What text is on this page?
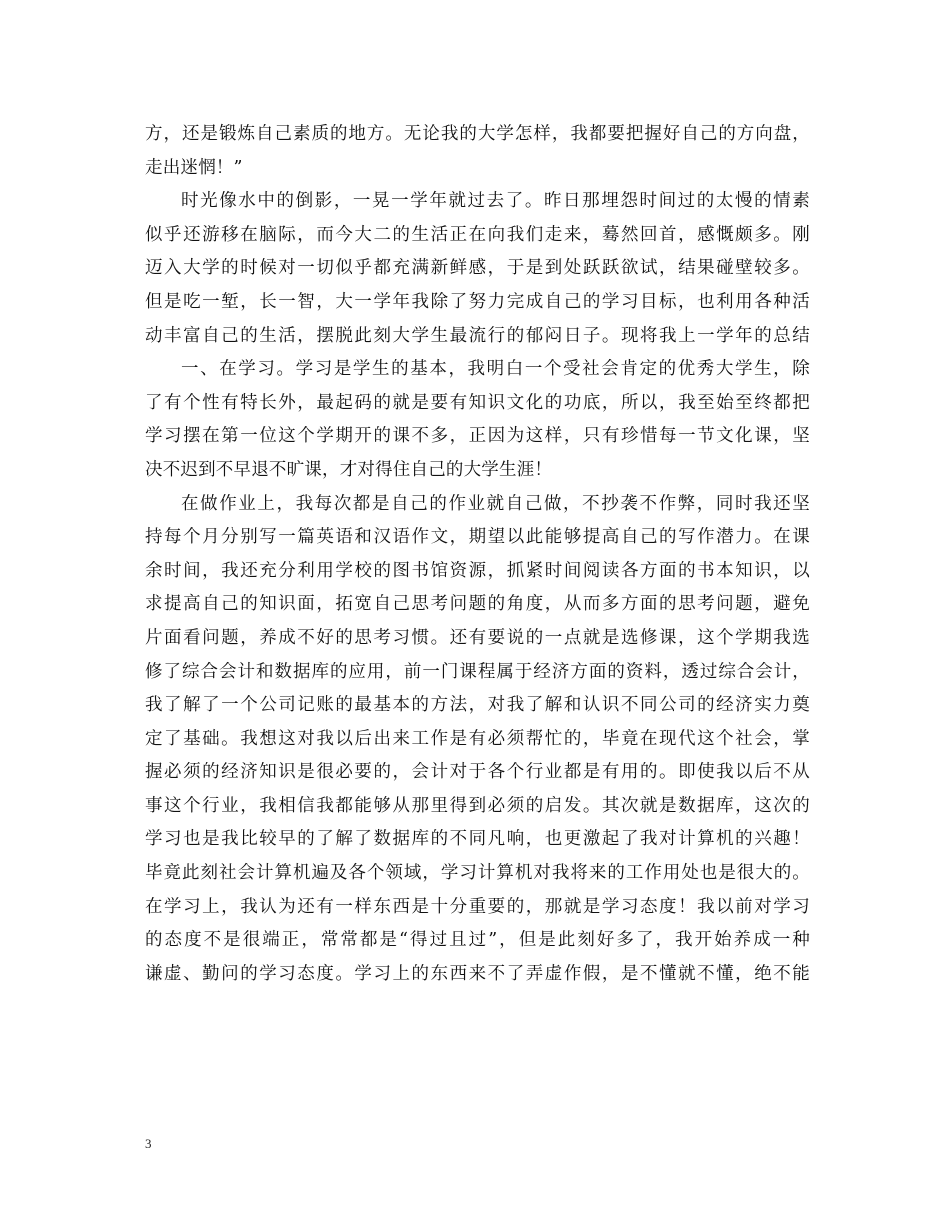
方，还是锻炼自己素质的地方。无论我的大学怎样，我都要把握好自己的方向盘，
走出迷惘！”
时光像水中的倒影，一晃一学年就过去了。昨日那埋怨时间过的太慢的情素
似乎还游移在脑际，而今大二的生活正在向我们走来，蓦然回首，感慨颇多。刚
迈入大学的时候对一切似乎都充满新鲜感，于是到处跃跃欲试，结果碰壁较多。
但是吃一堑，长一智，大一学年我除了努力完成自己的学习目标，也利用各种活
动丰富自己的生活，摆脱此刻大学生最流行的郁闷日子。现将我上一学年的总结
一、在学习。学习是学生的基本，我明白一个受社会肯定的优秀大学生，除
了有个性有特长外，最起码的就是要有知识文化的功底，所以，我至始至终都把
学习摆在第一位这个学期开的课不多，正因为这样，只有珍惜每一节文化课，坚
决不迟到不早退不旷课，才对得住自己的大学生涯！
在做作业上，我每次都是自己的作业就自己做，不抄袭不作弊，同时我还坚
持每个月分别写一篇英语和汉语作文，期望以此能够提高自己的写作潜力。在课
余时间，我还充分利用学校的图书馆资源，抓紧时间阅读各方面的书本知识，以
求提高自己的知识面，拓宽自己思考问题的角度，从而多方面的思考问题，避免
片面看问题，养成不好的思考习惯。还有要说的一点就是选修课，这个学期我选
修了综合会计和数据库的应用，前一门课程属于经济方面的资料，透过综合会计，
我了解了一个公司记账的最基本的方法，对我了解和认识不同公司的经济实力奠
定了基础。我想这对我以后出来工作是有必须帮忙的，毕竟在现代这个社会，掌
握必须的经济知识是很必要的，会计对于各个行业都是有用的。即使我以后不从
事这个行业，我相信我都能够从那里得到必须的启发。其次就是数据库，这次的
学习也是我比较早的了解了数据库的不同凡响，也更激起了我对计算机的兴趣！
毕竟此刻社会计算机遍及各个领域，学习计算机对我将来的工作用处也是很大的。
在学习上，我认为还有一样东西是十分重要的，那就是学习态度！我以前对学习
的态度不是很端正，常常都是“得过且过”，但是此刻好多了，我开始养成一种
谦虚、勤问的学习态度。学习上的东西来不了弄虚作假，是不懂就不懂，绝不能
3
